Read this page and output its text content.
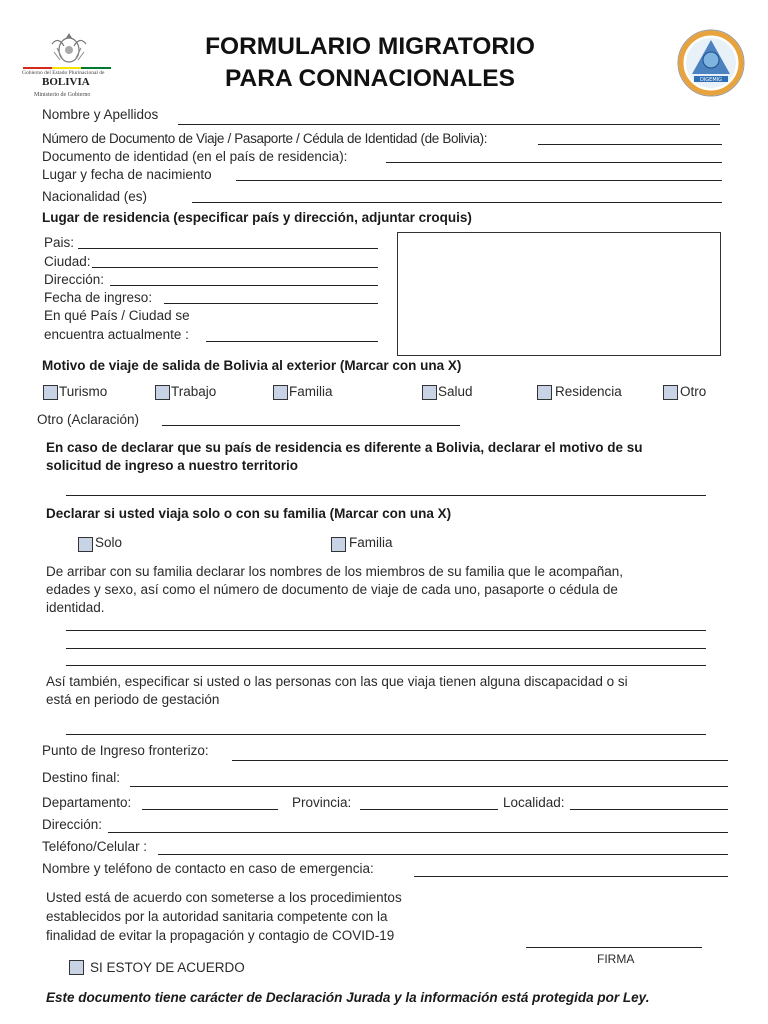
Gobierno del Estado Plurinacional de
BOLIVIA
Ministerio de Gobierno
FORMULARIO MIGRATORIO
PARA CONNACIONALES	DIGEMIG
Nombre y Apellidos
Número de Documento de Viaje / Pasaporte / Cédula de Identidad (de Bolivia):
Documento de identidad (en el país de residencia):
Lugar y fecha de nacimiento
Nacionalidad (es)
Lugar de residencia (especificar país y dirección, adjuntar croquis)
Pais:
Ciudad:
Dirección:
Fecha de ingreso:
En qué País / Ciudad se
encuentra actualmente :
Motivo de viaje de salida de Bolivia al exterior (Marcar con una X)
Turismo	Trabajo	Familia	Salud	Residencia	Otro
Otro (Aclaración)
En caso de declarar que su país de residencia es diferente a Bolivia, declarar el motivo de su
solicitud de ingreso a nuestro territorio
Declarar si usted viaja solo o con su familia (Marcar con una X)
Solo	Familia
De arribar con su familia declarar los nombres de los miembros de su familia que le acompañan,
edades y sexo, así como el número de documento de viaje de cada uno, pasaporte o cédula de
identidad.
Así también, especificar si usted o las personas con las que viaja tienen alguna discapacidad o si
está en periodo de gestación
Punto de Ingreso fronterizo:
Destino final:
Departamento:	Provincia:	Localidad:
Dirección:
Teléfono/Celular :
Nombre y teléfono de contacto en caso de emergencia:
Usted está de acuerdo con someterse a los procedimientos
establecidos por la autoridad sanitaria competente con la
finalidad de evitar la propagación y contagio de COVID-19
FIRMA
SI ESTOY DE ACUERDO
Este documento tiene carácter de Declaración Jurada y la información está protegida por Ley.
